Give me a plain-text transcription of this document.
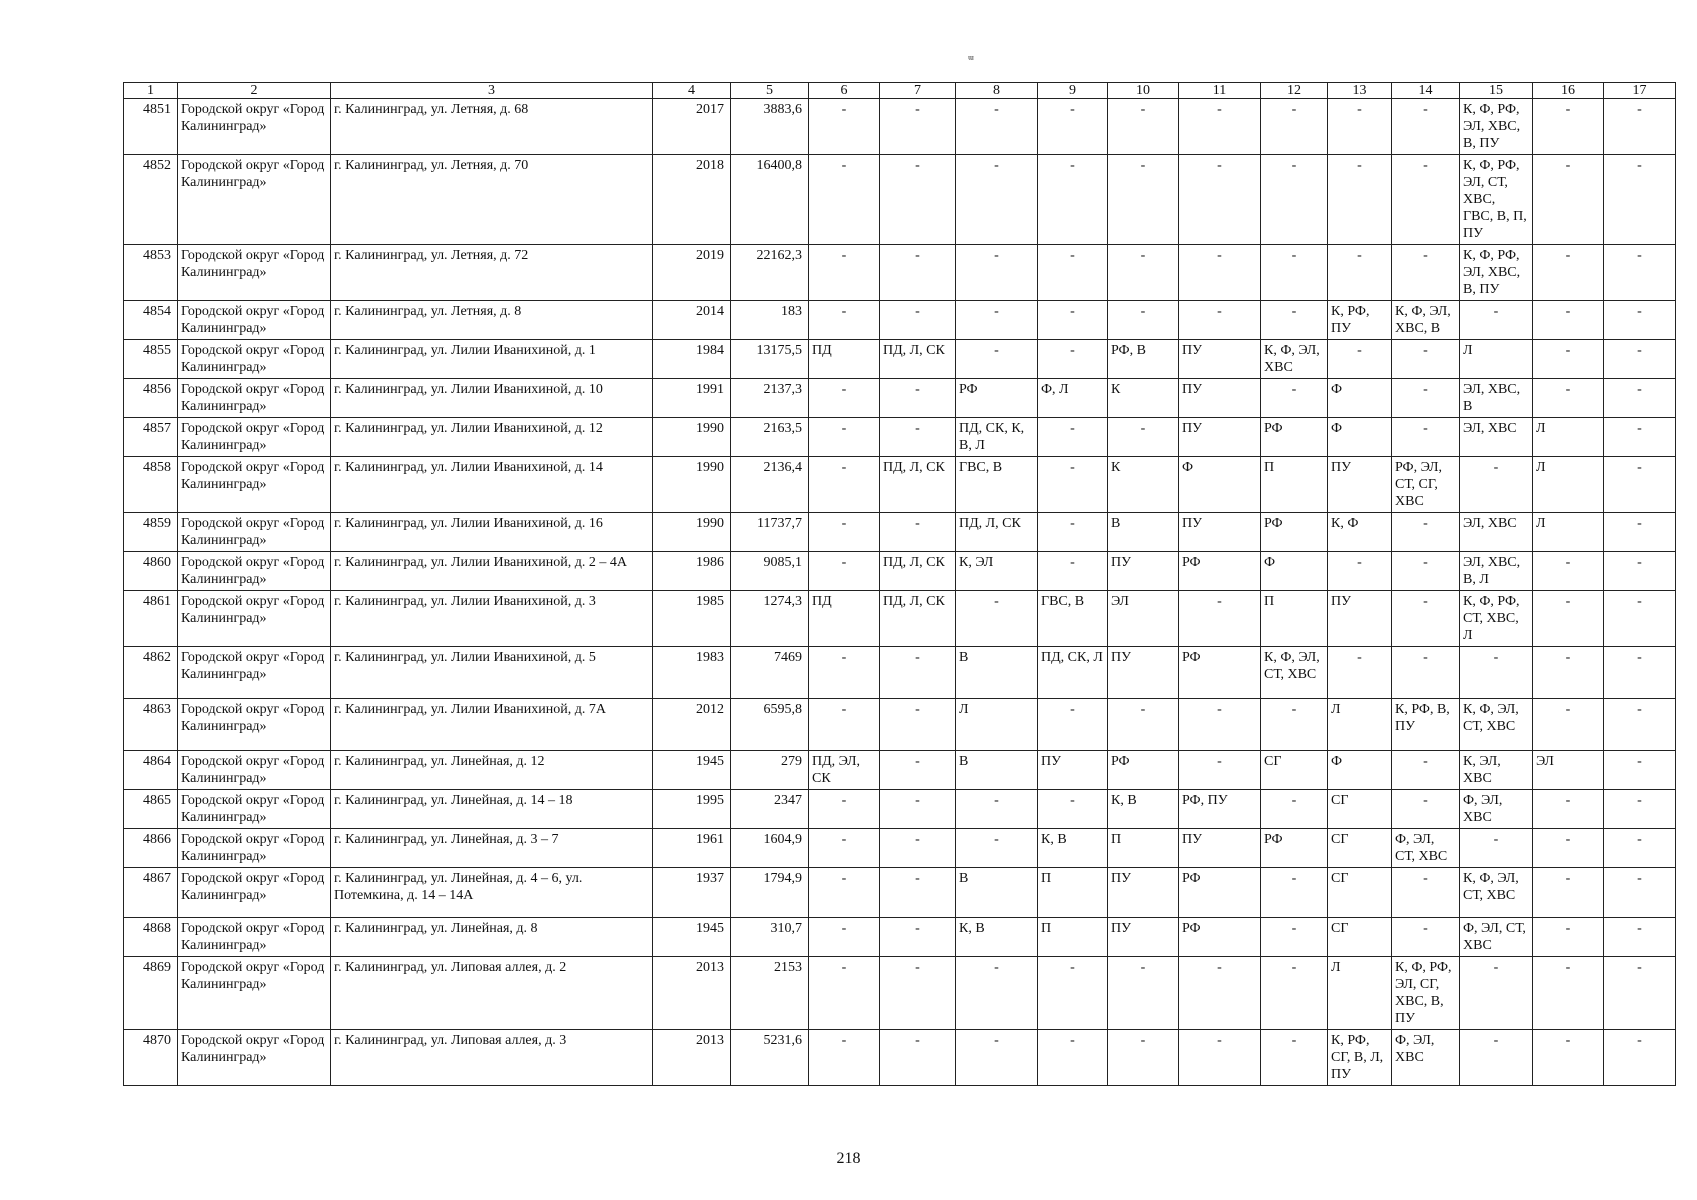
ᵚ
1	2	3	4	5	6	7	8	9	10	11	12	13	14	15	16	17
4851	Городской округ «Город Калининград»	г. Калининград, ул. Летняя, д. 68	2017	3883,6	-	-	-	-	-	-	-	-	-	К, Ф, РФ, ЭЛ, ХВС, В, ПУ	-	-
4852	Городской округ «Город Калининград»	г. Калининград, ул. Летняя, д. 70	2018	16400,8	-	-	-	-	-	-	-	-	-	К, Ф, РФ, ЭЛ, СТ, ХВС, ГВС, В, П, ПУ	-	-
4853	Городской округ «Город Калининград»	г. Калининград, ул. Летняя, д. 72	2019	22162,3	-	-	-	-	-	-	-	-	-	К, Ф, РФ, ЭЛ, ХВС, В, ПУ	-	-
4854	Городской округ «Город Калининград»	г. Калининград, ул. Летняя, д. 8	2014	183	-	-	-	-	-	-	-	К, РФ, ПУ	К, Ф, ЭЛ, ХВС, В	-	-	-
4855	Городской округ «Город Калининград»	г. Калининград, ул. Лилии Иванихиной, д. 1	1984	13175,5	ПД	ПД, Л, СК	-	-	РФ, В	ПУ	К, Ф, ЭЛ, ХВС	-	-	Л	-	-
4856	Городской округ «Город Калининград»	г. Калининград, ул. Лилии Иванихиной, д. 10	1991	2137,3	-	-	РФ	Ф, Л	К	ПУ	-	Ф	-	ЭЛ, ХВС, В	-	-
4857	Городской округ «Город Калининград»	г. Калининград, ул. Лилии Иванихиной, д. 12	1990	2163,5	-	-	ПД, СК, К, В, Л	-	-	ПУ	РФ	Ф	-	ЭЛ, ХВС	Л	-
4858	Городской округ «Город Калининград»	г. Калининград, ул. Лилии Иванихиной, д. 14	1990	2136,4	-	ПД, Л, СК	ГВС, В	-	К	Ф	П	ПУ	РФ, ЭЛ, СТ, СГ, ХВС	-	Л	-
4859	Городской округ «Город Калининград»	г. Калининград, ул. Лилии Иванихиной, д. 16	1990	11737,7	-	-	ПД, Л, СК	-	В	ПУ	РФ	К, Ф	-	ЭЛ, ХВС	Л	-
4860	Городской округ «Город Калининград»	г. Калининград, ул. Лилии Иванихиной, д. 2 – 4А	1986	9085,1	-	ПД, Л, СК	К, ЭЛ	-	ПУ	РФ	Ф	-	-	ЭЛ, ХВС, В, Л	-	-
4861	Городской округ «Город Калининград»	г. Калининград, ул. Лилии Иванихиной, д. 3	1985	1274,3	ПД	ПД, Л, СК	-	ГВС, В	ЭЛ	-	П	ПУ	-	К, Ф, РФ, СТ, ХВС, Л	-	-
4862	Городской округ «Город Калининград»	г. Калининград, ул. Лилии Иванихиной, д. 5	1983	7469	-	-	В	ПД, СК, Л	ПУ	РФ	К, Ф, ЭЛ, СТ, ХВС	-	-	-	-	-
4863	Городской округ «Город Калининград»	г. Калининград, ул. Лилии Иванихиной, д. 7А	2012	6595,8	-	-	Л	-	-	-	-	Л	К, РФ, В, ПУ	К, Ф, ЭЛ, СТ, ХВС	-	-
4864	Городской округ «Город Калининград»	г. Калининград, ул. Линейная, д. 12	1945	279	ПД, ЭЛ, СК	-	В	ПУ	РФ	-	СГ	Ф	-	К, ЭЛ, ХВС	ЭЛ	-
4865	Городской округ «Город Калининград»	г. Калининград, ул. Линейная, д. 14 – 18	1995	2347	-	-	-	-	К, В	РФ, ПУ	-	СГ	-	Ф, ЭЛ, ХВС	-	-
4866	Городской округ «Город Калининград»	г. Калининград, ул. Линейная, д. 3 – 7	1961	1604,9	-	-	-	К, В	П	ПУ	РФ	СГ	Ф, ЭЛ, СТ, ХВС	-	-	-
4867	Городской округ «Город Калининград»	г. Калининград, ул. Линейная, д. 4 – 6, ул. Потемкина, д. 14 – 14А	1937	1794,9	-	-	В	П	ПУ	РФ	-	СГ	-	К, Ф, ЭЛ, СТ, ХВС	-	-
4868	Городской округ «Город Калининград»	г. Калининград, ул. Линейная, д. 8	1945	310,7	-	-	К, В	П	ПУ	РФ	-	СГ	-	Ф, ЭЛ, СТ, ХВС	-	-
4869	Городской округ «Город Калининград»	г. Калининград, ул. Липовая аллея, д. 2	2013	2153	-	-	-	-	-	-	-	Л	К, Ф, РФ, ЭЛ, СГ, ХВС, В, ПУ	-	-	-
4870	Городской округ «Город Калининград»	г. Калининград, ул. Липовая аллея, д. 3	2013	5231,6	-	-	-	-	-	-	-	К, РФ, СГ, В, Л, ПУ	Ф, ЭЛ, ХВС	-	-	-
218
